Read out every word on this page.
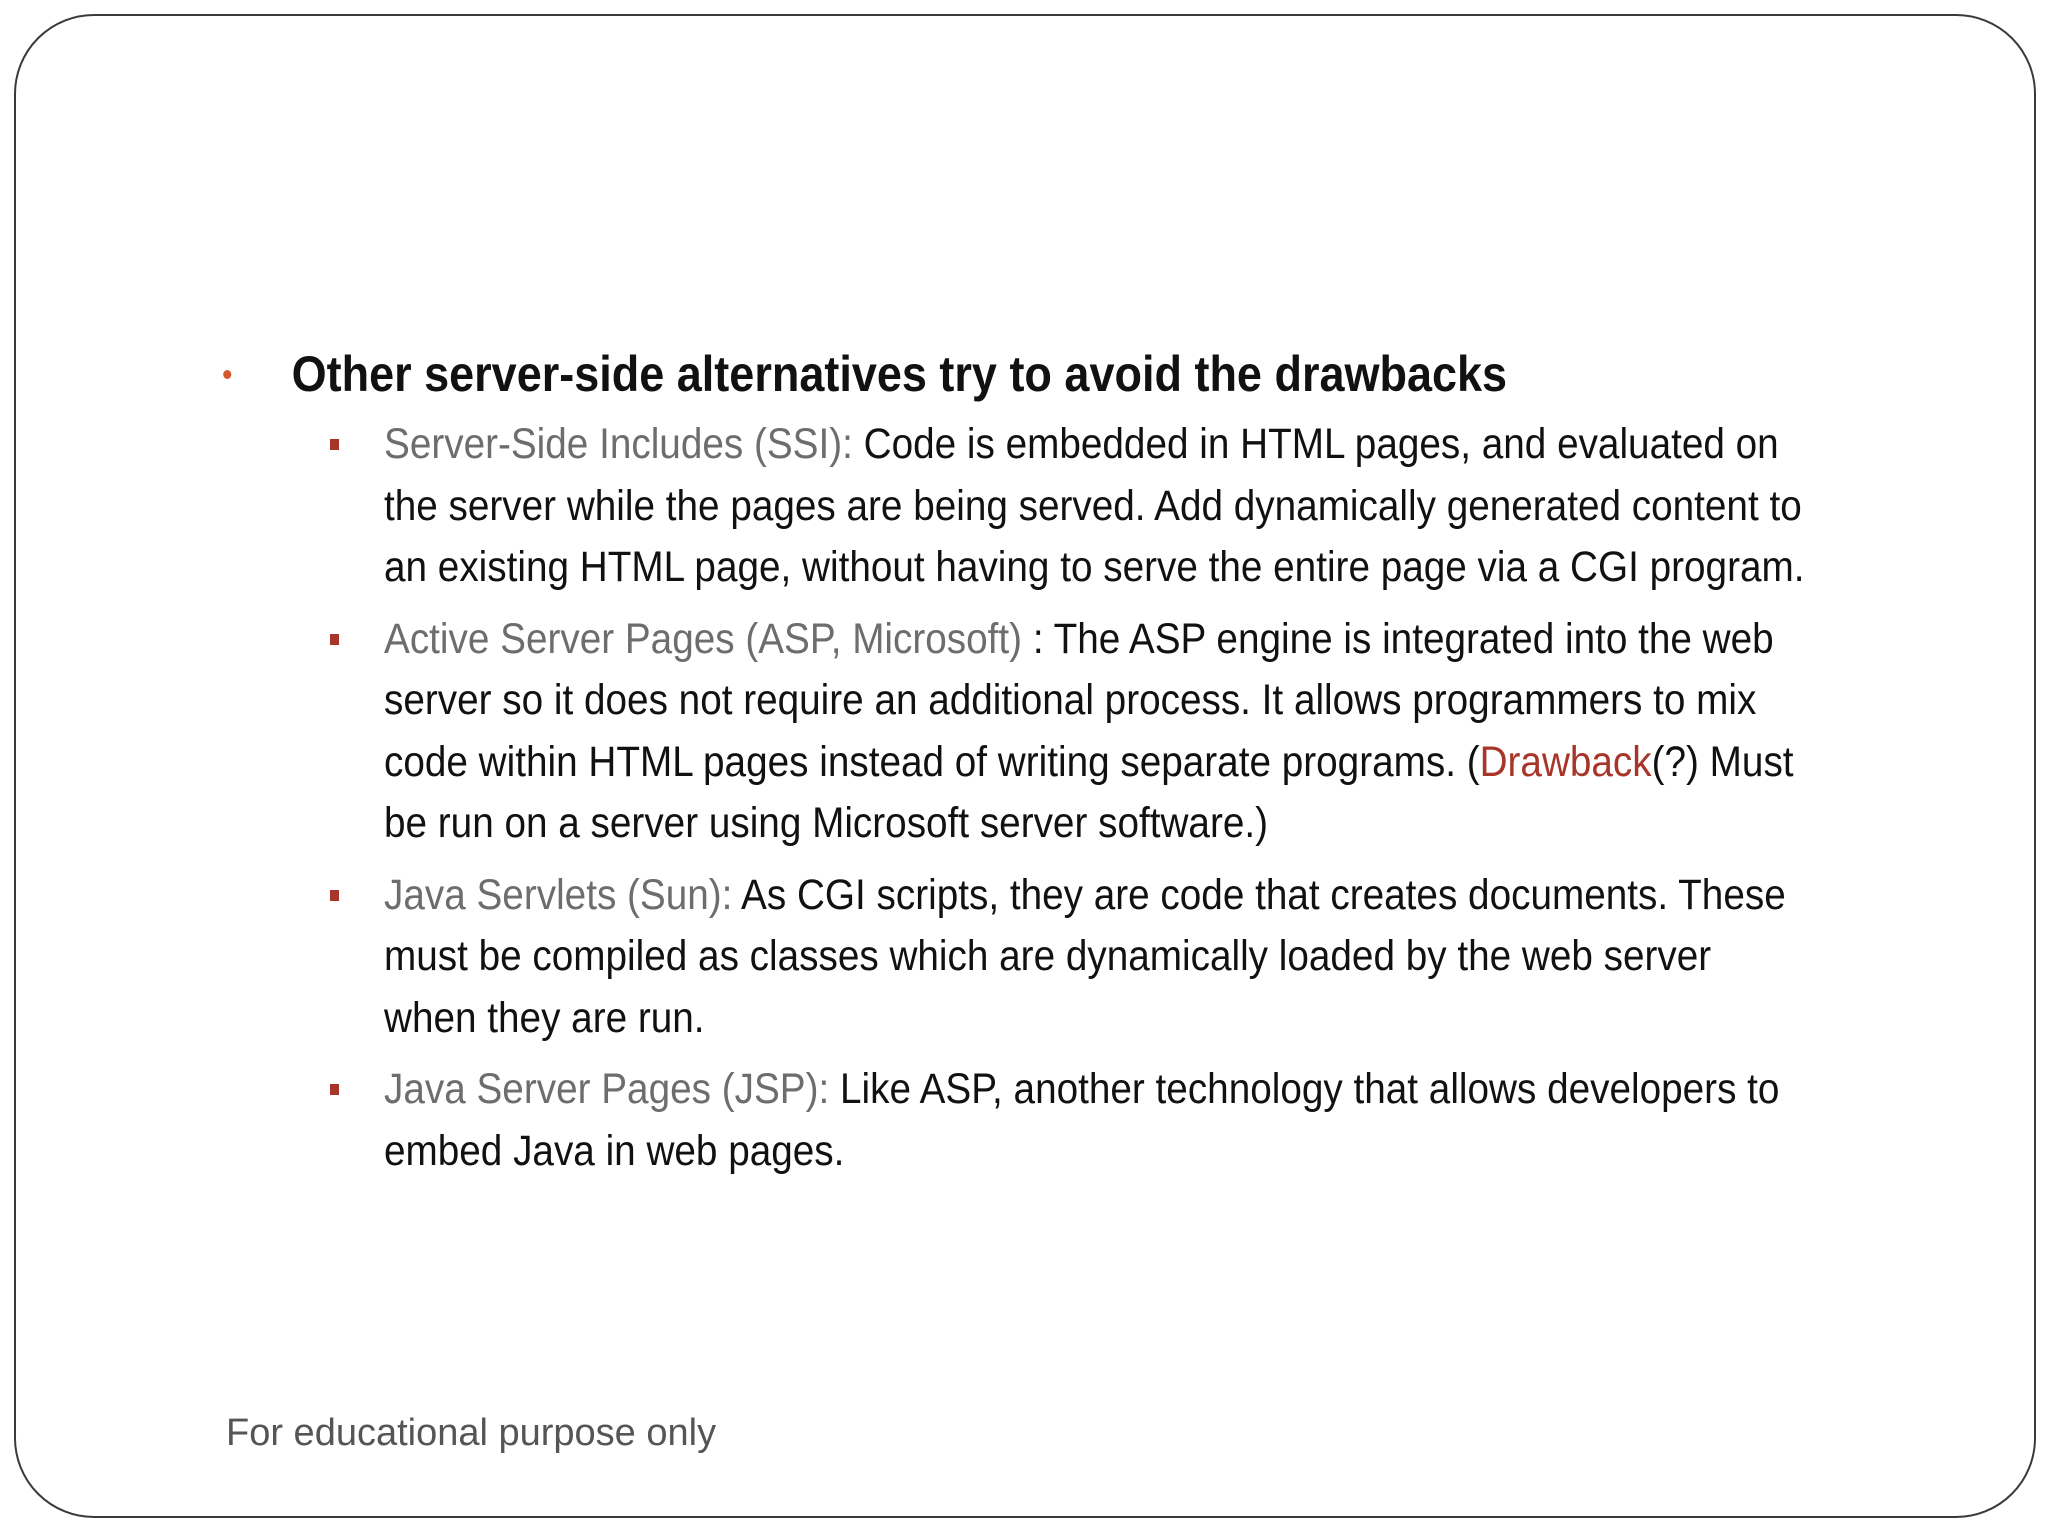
Other server-side alternatives try to avoid the drawbacks
Server-Side Includes (SSI): Code is embedded in HTML pages, and evaluated on
the server while the pages are being served. Add dynamically generated content to
an existing HTML page, without having to serve the entire page via a CGI program.
Active Server Pages (ASP, Microsoft) : The ASP engine is integrated into the web
server so it does not require an additional process. It allows programmers to mix
code within HTML pages instead of writing separate programs. (Drawback(?) Must
be run on a server using Microsoft server software.)
Java Servlets (Sun): As CGI scripts, they are code that creates documents. These
must be compiled as classes which are dynamically loaded by the web server
when they are run.
Java Server Pages (JSP): Like ASP, another technology that allows developers to
embed Java in web pages.
For educational purpose only
